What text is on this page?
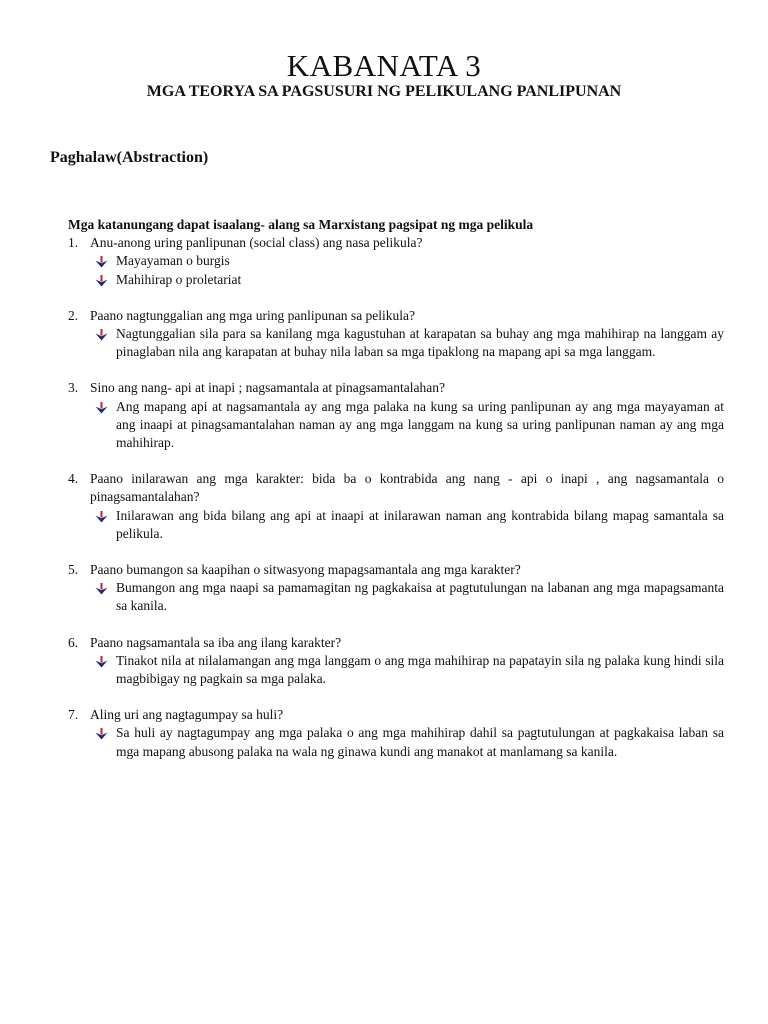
KABANATA 3
MGA TEORYA SA PAGSUSURI NG PELIKULANG PANLIPUNAN
Paghalaw(Abstraction)

Mga katanungang dapat isaalang- alang sa Marxistang pagsipat ng mga pelikula

1. Anu-anong uring panlipunan (social class) ang nasa pelikula?
Mayayaman o burgis
Mahihirap o proletariat
2. Paano nagtunggalian ang mga uring panlipunan sa pelikula?
Nagtunggalian sila para sa kanilang mga kagustuhan at karapatan sa buhay ang mga mahihirap na langgam ay pinaglaban nila ang karapatan at buhay nila laban sa mga tipaklong na mapang api sa mga langgam.
3. Sino ang nang- api at inapi ; nagsamantala at pinagsamantalahan?
Ang mapang api at nagsamantala ay ang mga palaka na kung sa uring panlipunan ay ang mga mayayaman at ang inaapi at pinagsamantalahan naman ay ang mga langgam na kung sa uring panlipunan naman ay ang mga mahihirap.
4. Paano inilarawan ang mga karakter: bida ba o kontrabida ang nang - api o inapi , ang nagsamantala o pinagsamantalahan?
Inilarawan ang bida bilang ang api at inaapi at inilarawan naman ang kontrabida bilang mapag samantala sa pelikula.
5. Paano bumangon sa kaapihan o sitwasyong mapagsamantala ang mga karakter?
Bumangon ang mga naapi sa pamamagitan ng pagkakaisa at pagtutulungan na labanan ang mga mapagsamanta sa kanila.
6. Paano nagsamantala sa iba ang ilang karakter?
Tinakot nila at nilalamangan ang mga langgam o ang mga mahihirap na papatayin sila ng palaka kung hindi sila magbibigay ng pagkain sa mga palaka.
7. Aling uri ang nagtagumpay sa huli?
Sa huli ay nagtagumpay ang mga palaka o ang mga mahihirap dahil sa pagtutulungan at pagkakaisa laban sa mga mapang abusong palaka na wala ng ginawa kundi ang manakot at manlamang sa kanila.
